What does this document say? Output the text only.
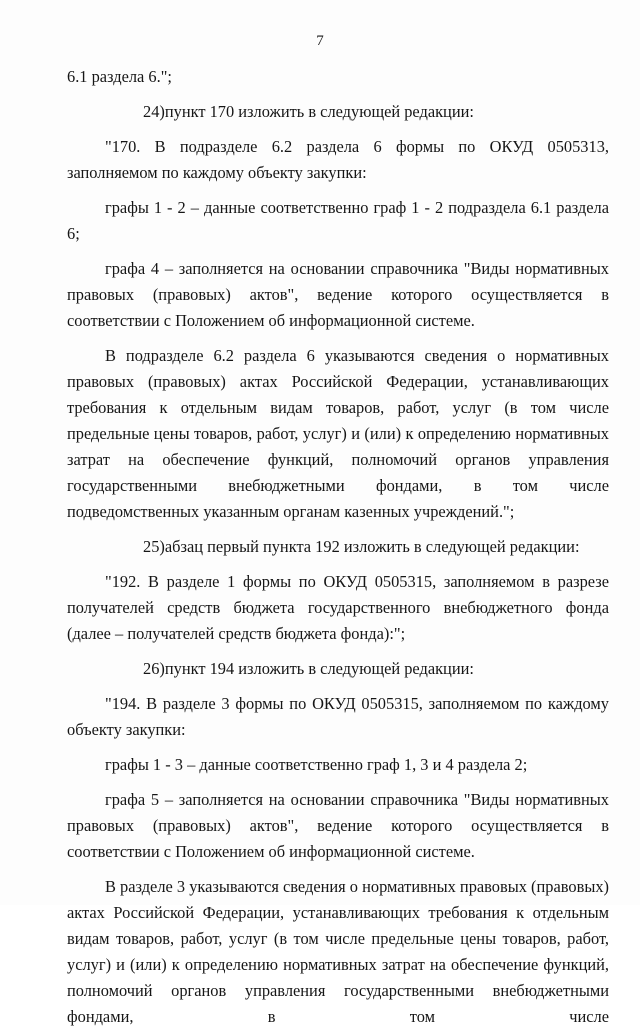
7

6.1 раздела 6.";

24)пункт 170 изложить в следующей редакции:

"170. В подразделе 6.2 раздела 6 формы по ОКУД 0505313, заполняемом по каждому объекту закупки:

графы 1 - 2 – данные соответственно граф 1 - 2 подраздела 6.1 раздела 6;

графа 4 – заполняется на основании справочника "Виды нормативных правовых (правовых) актов", ведение которого осуществляется в соответствии с Положением об информационной системе.

В подразделе 6.2 раздела 6 указываются сведения о нормативных правовых (правовых) актах Российской Федерации, устанавливающих требования к отдельным видам товаров, работ, услуг (в том числе предельные цены товаров, работ, услуг) и (или) к определению нормативных затрат на обеспечение функций, полномочий органов управления государственными внебюджетными фондами, в том числе подведомственных указанным органам казенных учреждений.";

25)абзац первый пункта 192 изложить в следующей редакции:

"192. В разделе 1 формы по ОКУД 0505315, заполняемом в разрезе получателей средств бюджета государственного внебюджетного фонда (далее – получателей средств бюджета фонда):";

26)пункт 194 изложить в следующей редакции:

"194. В разделе 3 формы по ОКУД 0505315, заполняемом по каждому объекту закупки:

графы 1 - 3 – данные соответственно граф 1, 3 и 4 раздела 2;

графа 5 – заполняется на основании справочника "Виды нормативных правовых (правовых) актов", ведение которого осуществляется в соответствии с Положением об информационной системе.

В разделе 3 указываются сведения о нормативных правовых (правовых) актах Российской Федерации, устанавливающих требования к отдельным видам товаров, работ, услуг (в том числе предельные цены товаров, работ, услуг) и (или) к определению нормативных затрат на обеспечение функций, полномочий органов управления государственными внебюджетными фондами, в том числе
